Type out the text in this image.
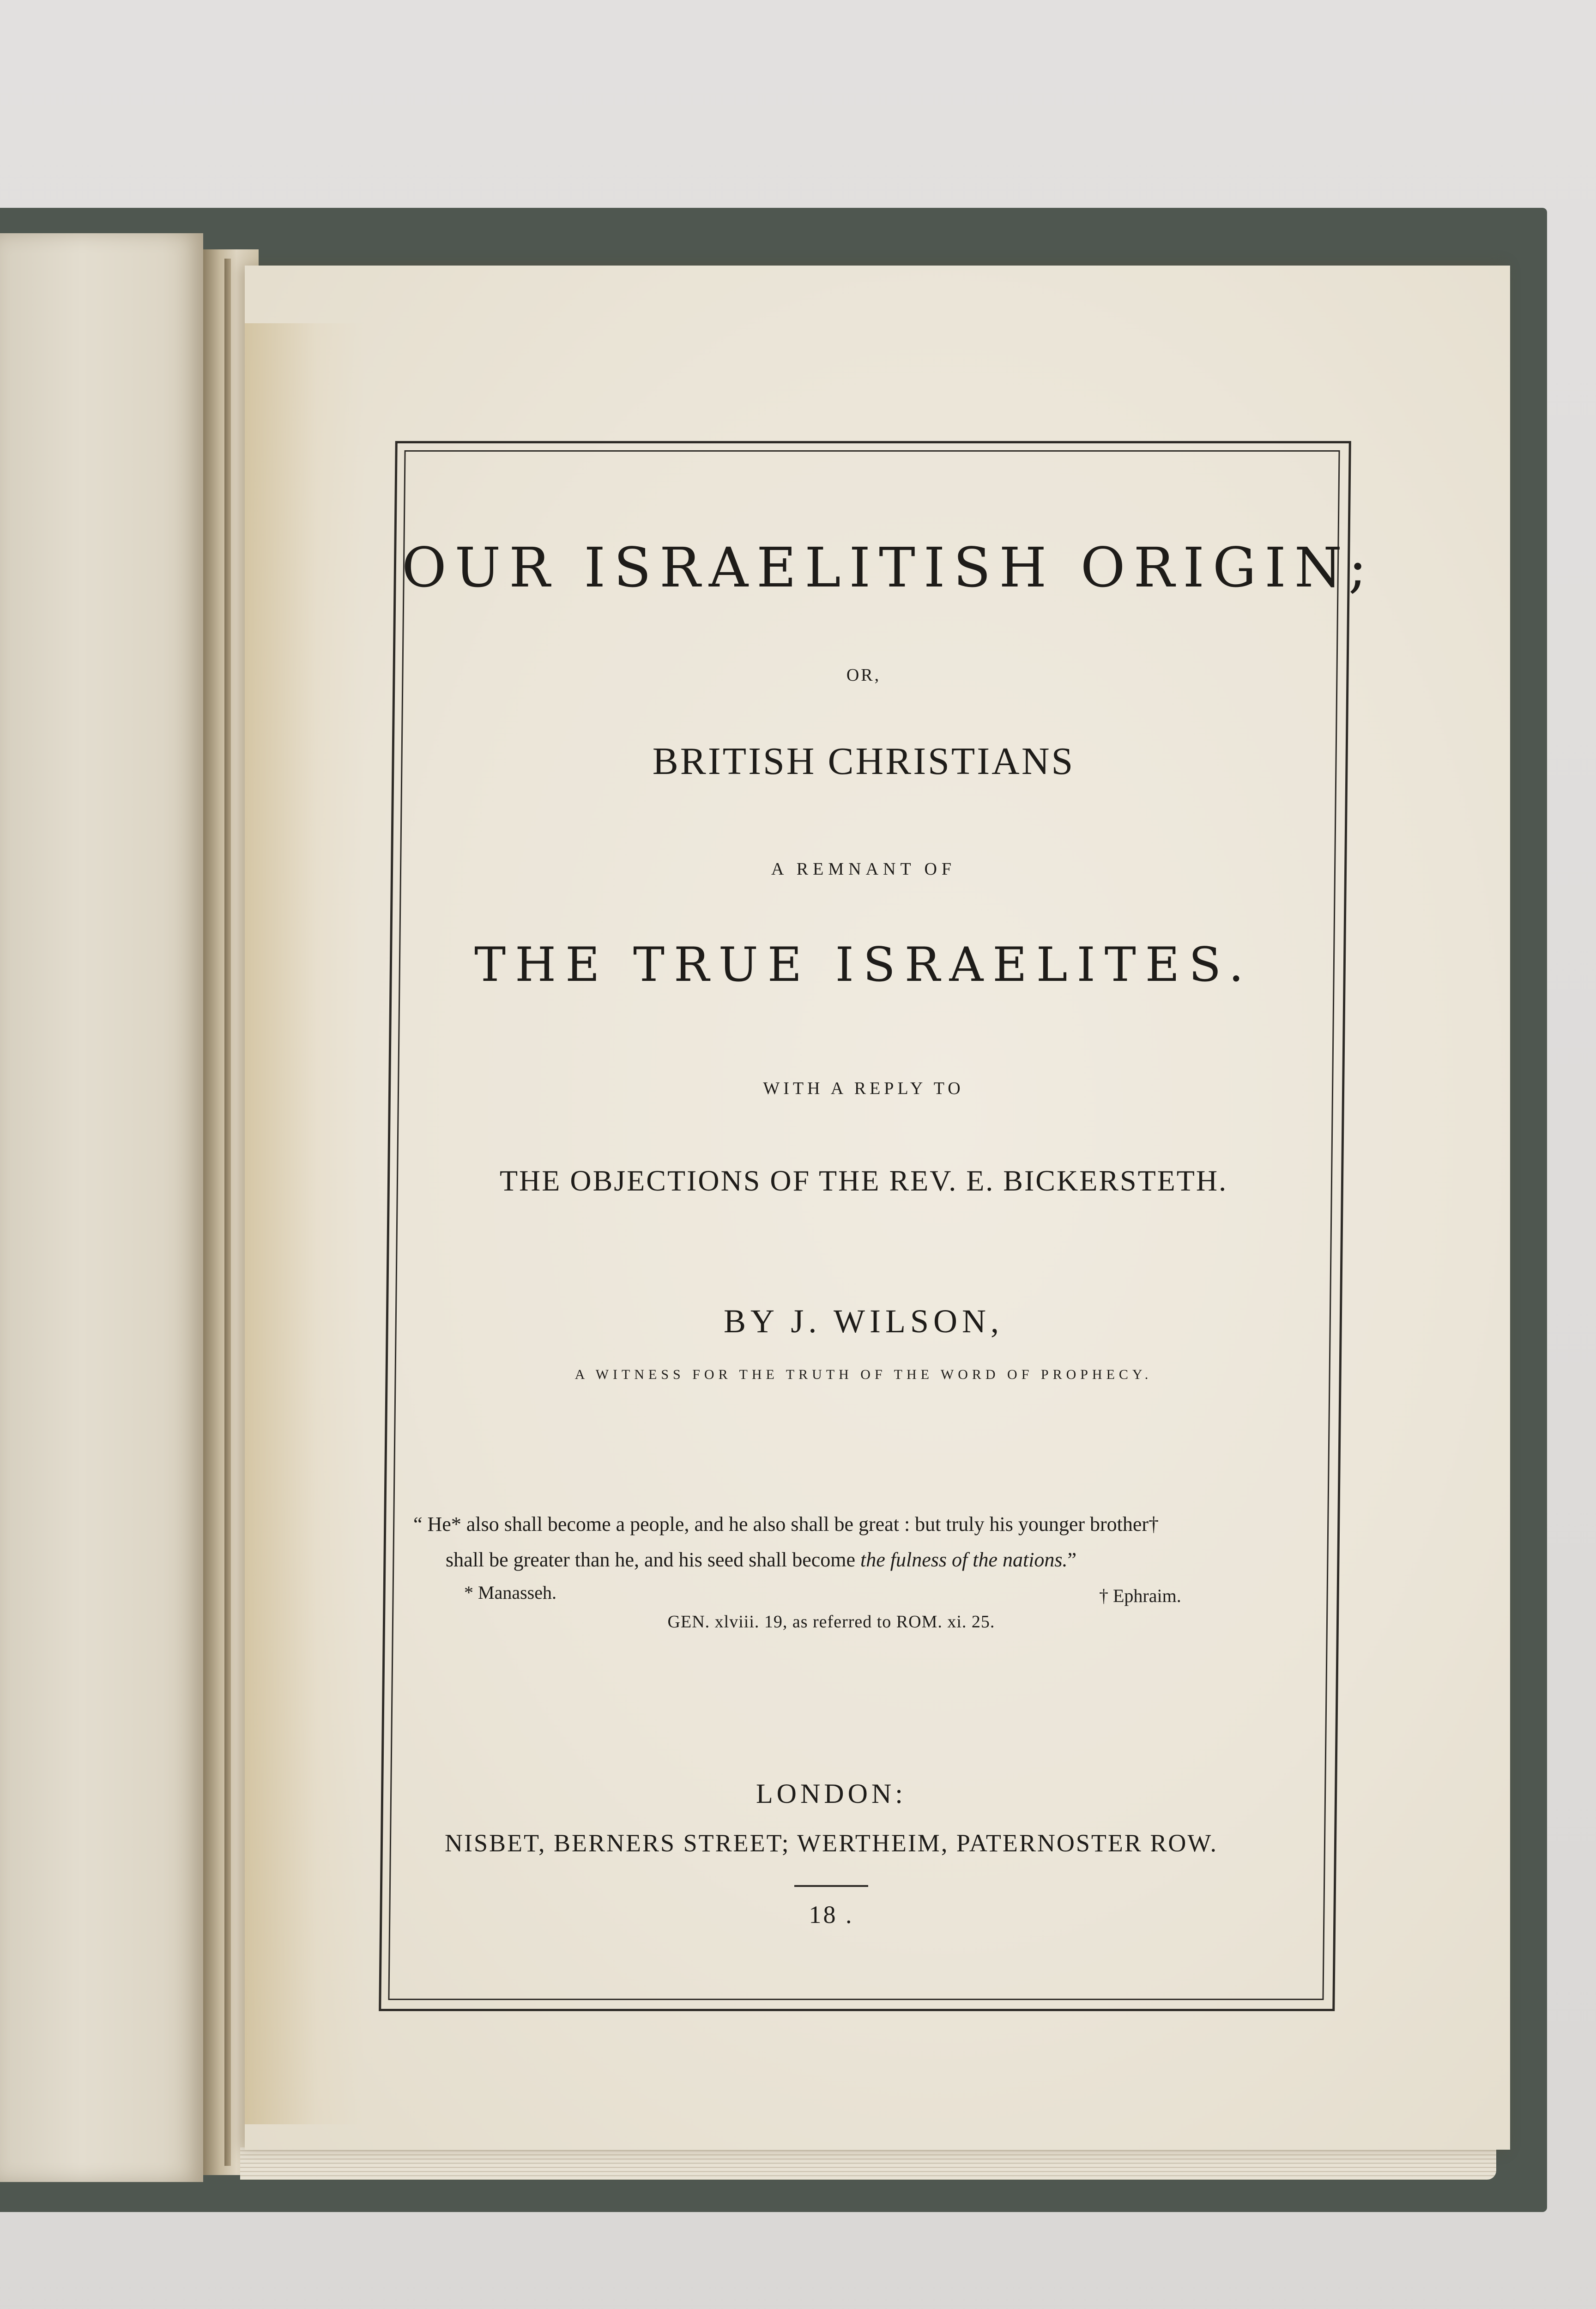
OUR ISRAELITISH ORIGIN;
OR,
BRITISH CHRISTIANS
A REMNANT OF
THE TRUE ISRAELITES.
WITH A REPLY TO
THE OBJECTIONS OF THE REV. E. BICKERSTETH.
BY J. WILSON,
A WITNESS FOR THE TRUTH OF THE WORD OF PROPHECY.
“ He* also shall become a people, and he also shall be great : but truly his younger brother†
shall be greater than he, and his seed shall become the fulness of the nations.”
* Manasseh.	† Ephraim.
GEN. xlviii. 19, as referred to ROM. xi. 25.
LONDON:
NISBET, BERNERS STREET; WERTHEIM, PATERNOSTER ROW.
18 .
